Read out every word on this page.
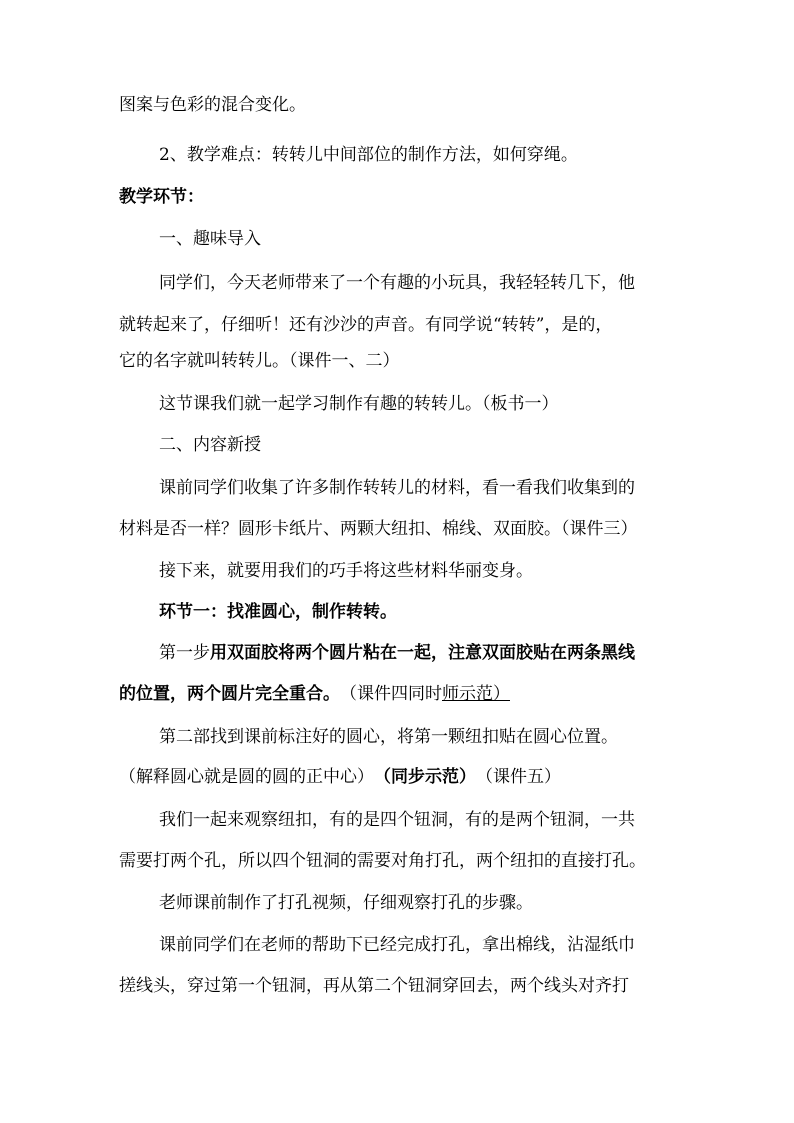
图案与色彩的混合变化。
2、教学难点：转转儿中间部位的制作方法，如何穿绳。
教学环节：
一、趣味导入
同学们，今天老师带来了一个有趣的小玩具，我轻轻转几下，他
就转起来了，仔细听！还有沙沙的声音。有同学说“转转”，是的，
它的名字就叫转转儿。（课件一、二）
这节课我们就一起学习制作有趣的转转儿。（板书一）
二、内容新授
课前同学们收集了许多制作转转儿的材料，看一看我们收集到的
材料是否一样？圆形卡纸片、两颗大纽扣、棉线、双面胶。（课件三）
接下来，就要用我们的巧手将这些材料华丽变身。
环节一：找准圆心，制作转转。
第一步用双面胶将两个圆片粘在一起，注意双面胶贴在两条黑线
的位置，两个圆片完全重合。（课件四同时师示范）
第二部找到课前标注好的圆心，将第一颗纽扣贴在圆心位置。
（解释圆心就是圆的圆的正中心）（同步示范）（课件五）
我们一起来观察纽扣，有的是四个钮洞，有的是两个钮洞，一共
需要打两个孔，所以四个钮洞的需要对角打孔，两个纽扣的直接打孔。
老师课前制作了打孔视频，仔细观察打孔的步骤。
课前同学们在老师的帮助下已经完成打孔，拿出棉线，沾湿纸巾
搓线头，穿过第一个钮洞，再从第二个钮洞穿回去，两个线头对齐打
